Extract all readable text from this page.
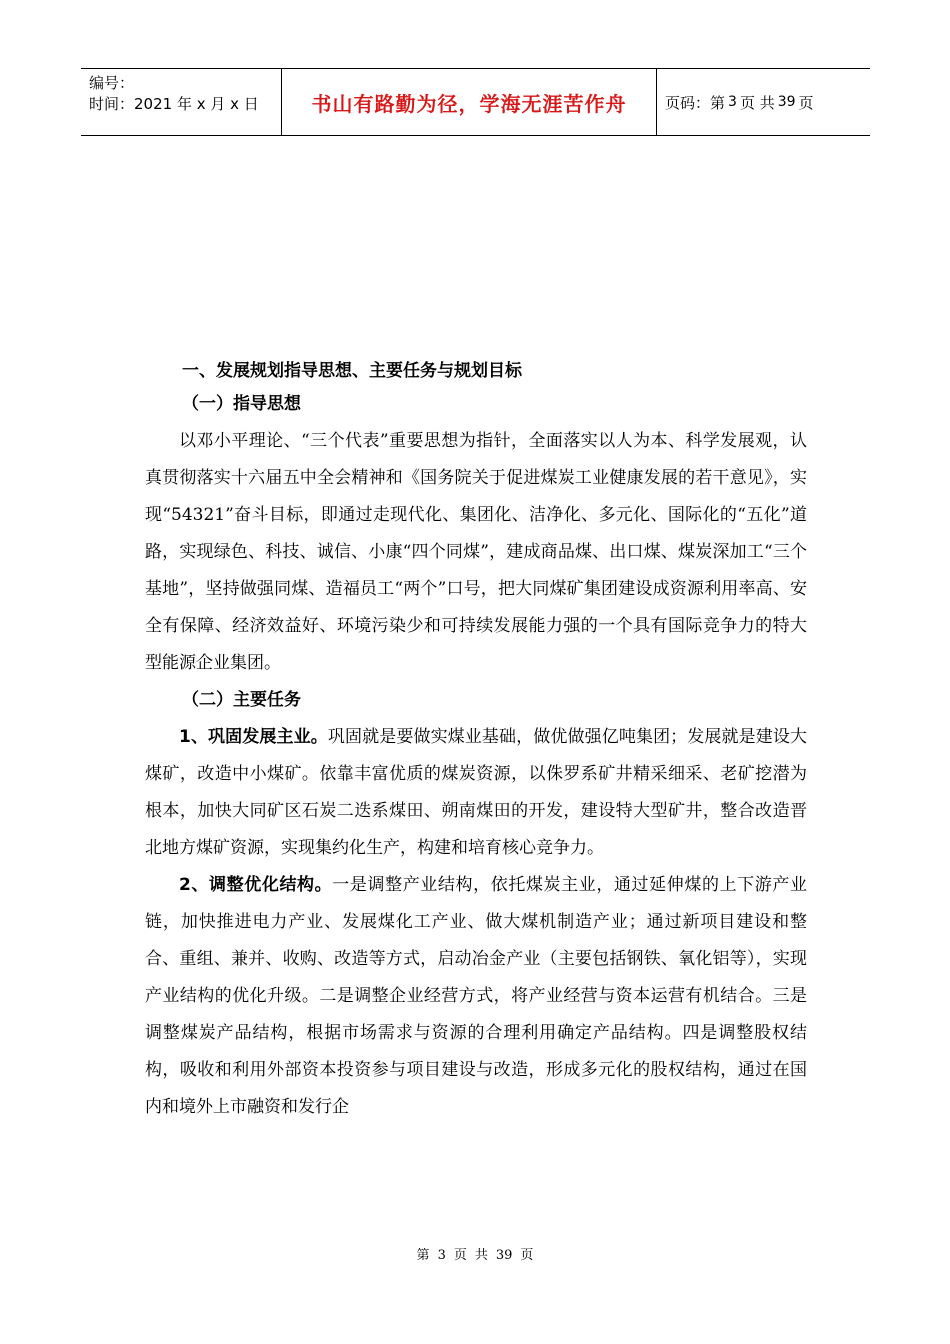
编号：
时间：2021 年 x 月 x 日	书山有路勤为径，学海无涯苦作舟	页码：第 3 页 共 39 页
一、发展规划指导思想、主要任务与规划目标
（一）指导思想

以邓小平理论、“三个代表”重要思想为指针，全面落实以人为本、科学发展观，认真贯彻落实十六届五中全会精神和《国务院关于促进煤炭工业健康发展的若干意见》，实现“54321”奋斗目标，即通过走现代化、集团化、洁净化、多元化、国际化的“五化”道路，实现绿色、科技、诚信、小康“四个同煤”，建成商品煤、出口煤、煤炭深加工“三个基地”，坚持做强同煤、造福员工“两个”口号，把大同煤矿集团建设成资源利用率高、安全有保障、经济效益好、环境污染少和可持续发展能力强的一个具有国际竞争力的特大型能源企业集团。

（二）主要任务

1、巩固发展主业。巩固就是要做实煤业基础，做优做强亿吨集团；发展就是建设大煤矿，改造中小煤矿。依靠丰富优质的煤炭资源，以侏罗系矿井精采细采、老矿挖潜为根本，加快大同矿区石炭二迭系煤田、朔南煤田的开发，建设特大型矿井，整合改造晋北地方煤矿资源，实现集约化生产，构建和培育核心竞争力。

2、调整优化结构。一是调整产业结构，依托煤炭主业，通过延伸煤的上下游产业链，加快推进电力产业、发展煤化工产业、做大煤机制造产业；通过新项目建设和整合、重组、兼并、收购、改造等方式，启动冶金产业（主要包括钢铁、氧化铝等），实现产业结构的优化升级。二是调整企业经营方式，将产业经营与资本运营有机结合。三是调整煤炭产品结构，根据市场需求与资源的合理利用确定产品结构。四是调整股权结构，吸收和利用外部资本投资参与项目建设与改造，形成多元化的股权结构，通过在国内和境外上市融资和发行企

第 3 页 共 39 页
